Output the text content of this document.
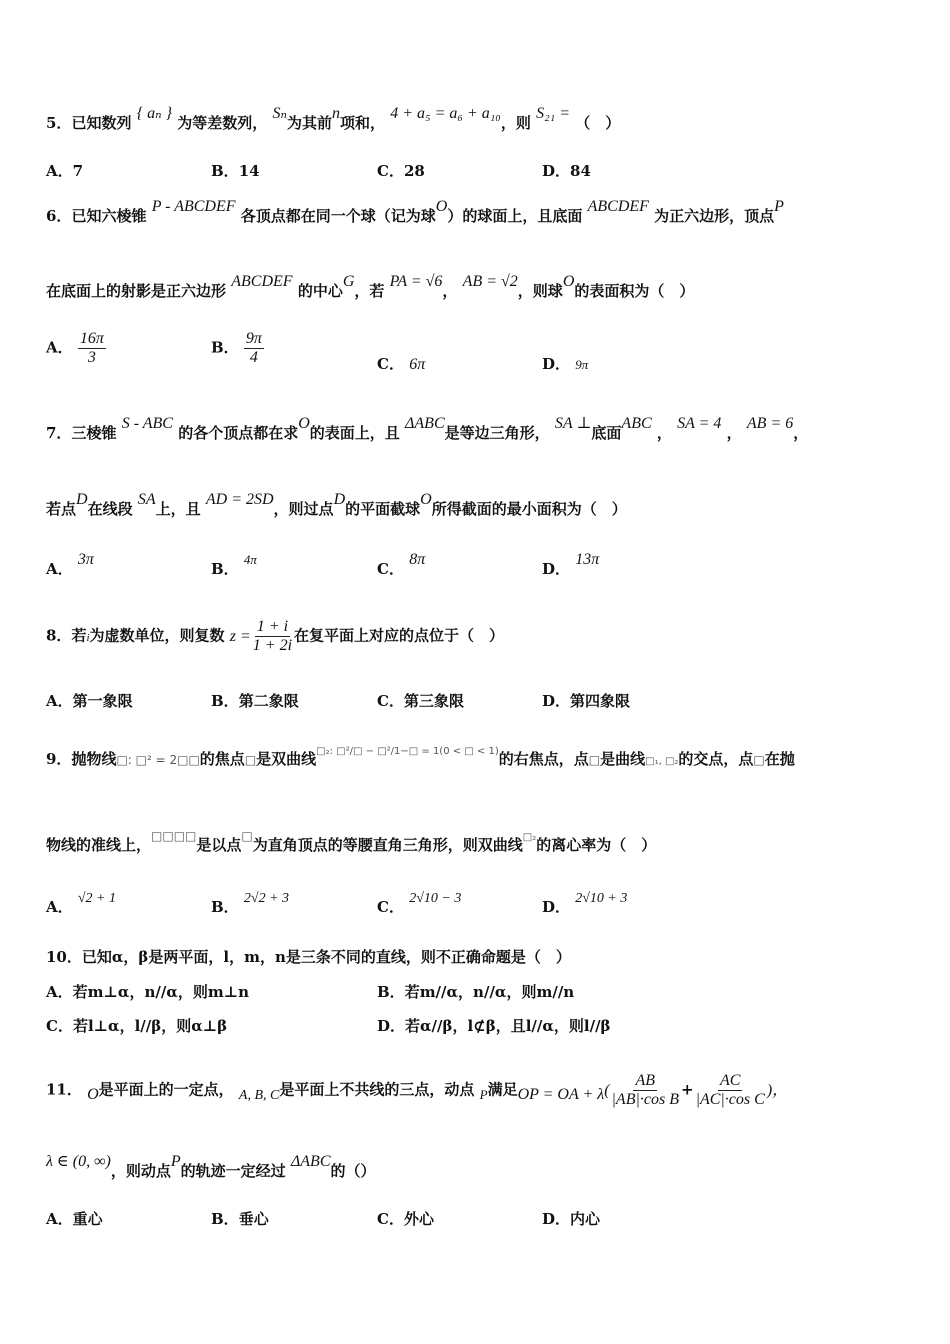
5．已知数列 { aₙ } 为等差数列， Sₙ为其前n项和， 4 + a₅ = a₆ + a₁₀，则 S₂₁ = （　）
A．7	B．14	C．28	D．84
6．已知六棱锥 P - ABCDEF 各顶点都在同一个球（记为球O）的球面上，且底面 ABCDEF 为正六边形，顶点P
在底面上的射影是正六边形 ABCDEF 的中心G，若 PA = √6， AB = √2，则球O的表面积为（　）
A． $\frac{16\pi}{3}$	B． $\frac{9\pi}{4}$	C． 6π	D． 9π
7．三棱锥 S - ABC 的各个顶点都在求O的表面上，且 ΔABC是等边三角形， SA ⊥底面ABC ， SA = 4 ， AB = 6，
若点D在线段 SA上，且 AD = 2SD，则过点D的平面截球O所得截面的最小面积为（　）
A． 3π
B． 4π
C． 8π
D． 13π
8．若i为虚数单位，则复数 $z = \frac{1 + i}{1 + 2i}$ 在复平面上对应的点位于（　）
A．第一象限	B．第二象限	C．第三象限	D．第四象限
9．抛物线□: □² = 2□□的焦点□是双曲线□₂: □²/□ − □²/1−□ = 1(0 < □ < 1)的右焦点，点□是曲线□₁, □₂的交点，点□在抛
物线的准线上，□□□□是以点□为直角顶点的等腰直角三角形，则双曲线□₂的离心率为（　）
A． √2 + 1	B． 2√2 + 3	C． 2√10 − 3	D． 2√10 + 3
10．已知α，β是两平面，l，m，n是三条不同的直线，则不正确命题是（　）
A．若m⊥α，n//α，则m⊥n	B．若m//α，n//α，则m//n
C．若l⊥α，l//β，则α⊥β	D．若α//β，l⊄β，且l//α，则l//β
11． O是平面上的一定点， A, B, C是平面上不共线的三点，动点 P满足OP = OA + $\lambda( \frac{AB}{\text{|AB|·cos B}} + \frac{AC}{\text{|AC|·cos C}}$ )，
λ ∈ (0, ∞)，则动点P的轨迹一定经过 ΔABC的（）
A．重心	B．垂心	C．外心	D．内心
